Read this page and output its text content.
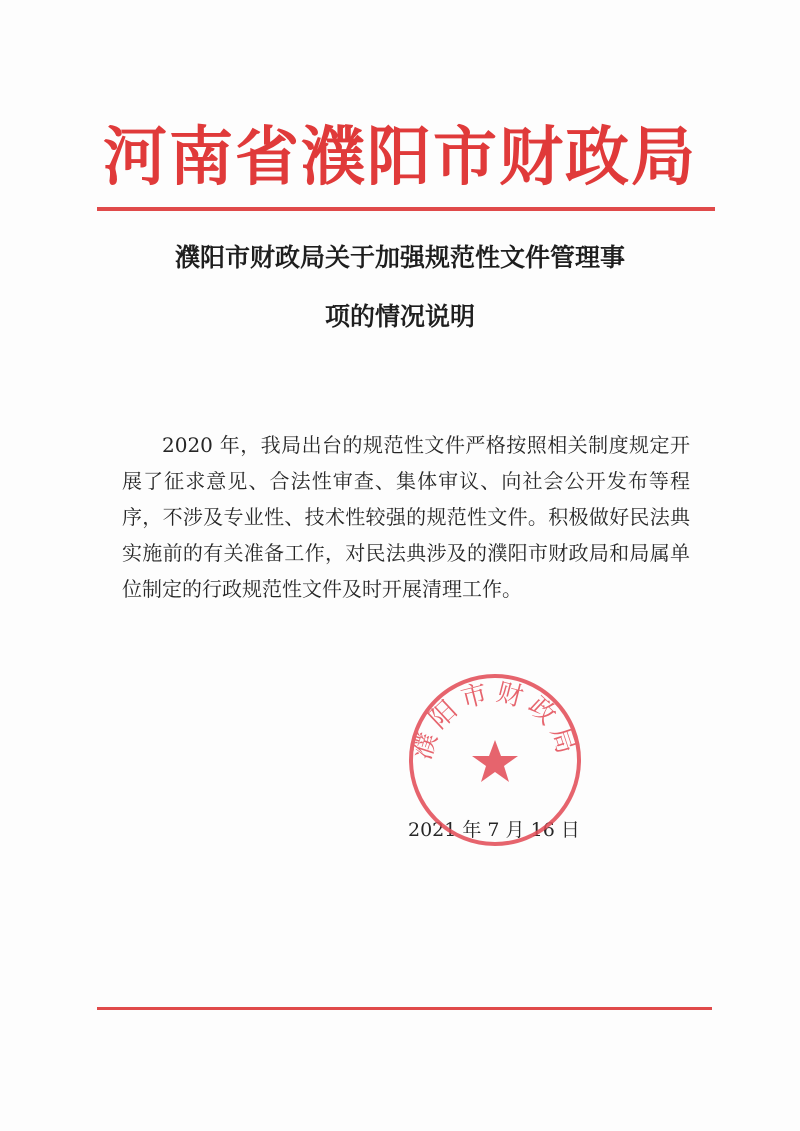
河南省濮阳市财政局
濮阳市财政局关于加强规范性文件管理事
项的情况说明

2020 年，我局出台的规范性文件严格按照相关制度规定开展了征求意见、合法性审查、集体审议、向社会公开发布等程序，不涉及专业性、技术性较强的规范性文件。积极做好民法典实施前的有关准备工作，对民法典涉及的濮阳市财政局和局属单位制定的行政规范性文件及时开展清理工作。

2021 年 7 月 16 日
濮阳市财政局
